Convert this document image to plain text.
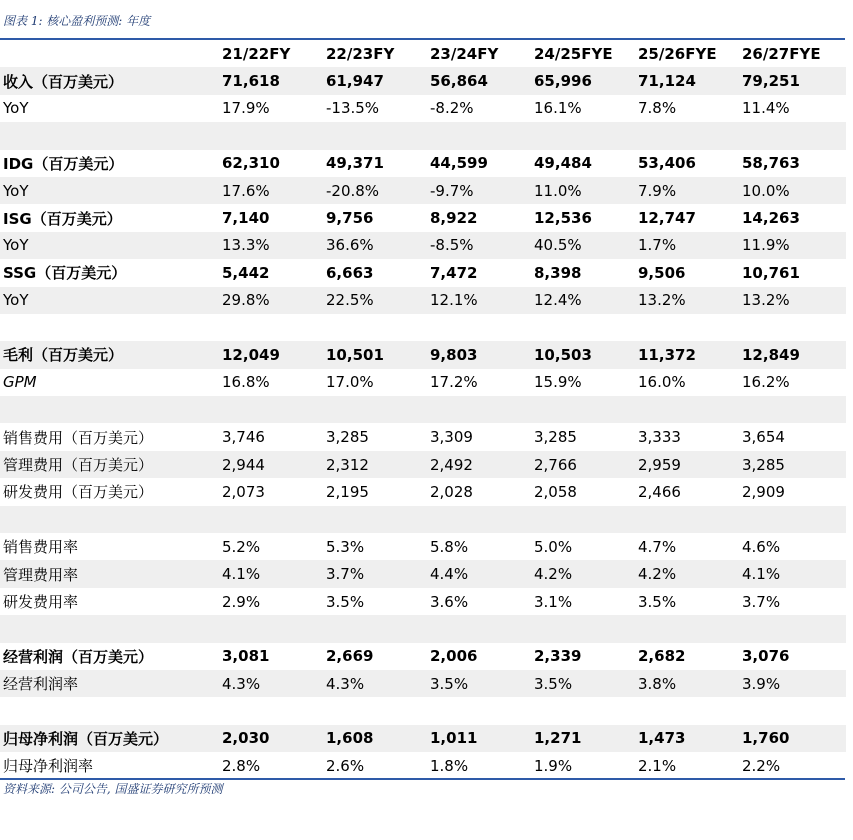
图表 1: 核心盈利预测: 年度
	21/22FY	22/23FY	23/24FY	24/25FYE	25/26FYE	26/27FYE
收入（百万美元）	71,618	61,947	56,864	65,996	71,124	79,251
YoY	17.9%	-13.5%	-8.2%	16.1%	7.8%	11.4%

IDG（百万美元）	62,310	49,371	44,599	49,484	53,406	58,763
YoY	17.6%	-20.8%	-9.7%	11.0%	7.9%	10.0%
ISG（百万美元）	7,140	9,756	8,922	12,536	12,747	14,263
YoY	13.3%	36.6%	-8.5%	40.5%	1.7%	11.9%
SSG（百万美元）	5,442	6,663	7,472	8,398	9,506	10,761
YoY	29.8%	22.5%	12.1%	12.4%	13.2%	13.2%

毛利（百万美元）	12,049	10,501	9,803	10,503	11,372	12,849
GPM	16.8%	17.0%	17.2%	15.9%	16.0%	16.2%

销售费用（百万美元）	3,746	3,285	3,309	3,285	3,333	3,654
管理费用（百万美元）	2,944	2,312	2,492	2,766	2,959	3,285
研发费用（百万美元）	2,073	2,195	2,028	2,058	2,466	2,909

销售费用率	5.2%	5.3%	5.8%	5.0%	4.7%	4.6%
管理费用率	4.1%	3.7%	4.4%	4.2%	4.2%	4.1%
研发费用率	2.9%	3.5%	3.6%	3.1%	3.5%	3.7%

经营利润（百万美元）	3,081	2,669	2,006	2,339	2,682	3,076
经营利润率	4.3%	4.3%	3.5%	3.5%	3.8%	3.9%

归母净利润（百万美元）	2,030	1,608	1,011	1,271	1,473	1,760
归母净利润率	2.8%	2.6%	1.8%	1.9%	2.1%	2.2%
资料来源: 公司公告, 国盛证券研究所预测
